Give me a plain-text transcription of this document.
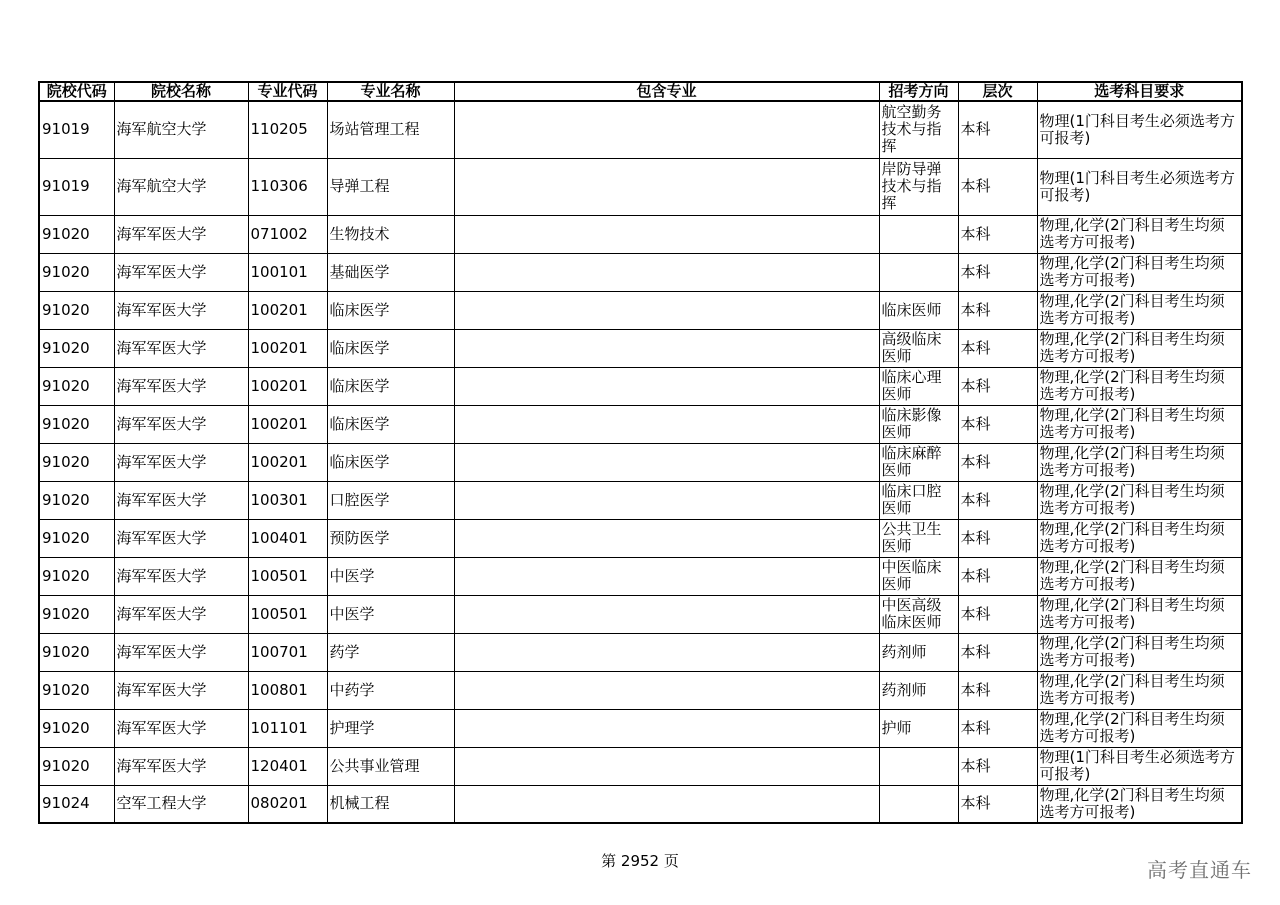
院校代码	院校名称	专业代码	专业名称	包含专业	招考方向	层次	选考科目要求
91019	海军航空大学	110205	场站管理工程		航空勤务技术与指挥	本科	物理(1门科目考生必须选考方可报考)
91019	海军航空大学	110306	导弹工程		岸防导弹技术与指挥	本科	物理(1门科目考生必须选考方可报考)
91020	海军军医大学	071002	生物技术			本科	物理,化学(2门科目考生均须选考方可报考)
91020	海军军医大学	100101	基础医学			本科	物理,化学(2门科目考生均须选考方可报考)
91020	海军军医大学	100201	临床医学		临床医师	本科	物理,化学(2门科目考生均须选考方可报考)
91020	海军军医大学	100201	临床医学		高级临床医师	本科	物理,化学(2门科目考生均须选考方可报考)
91020	海军军医大学	100201	临床医学		临床心理医师	本科	物理,化学(2门科目考生均须选考方可报考)
91020	海军军医大学	100201	临床医学		临床影像医师	本科	物理,化学(2门科目考生均须选考方可报考)
91020	海军军医大学	100201	临床医学		临床麻醉医师	本科	物理,化学(2门科目考生均须选考方可报考)
91020	海军军医大学	100301	口腔医学		临床口腔医师	本科	物理,化学(2门科目考生均须选考方可报考)
91020	海军军医大学	100401	预防医学		公共卫生医师	本科	物理,化学(2门科目考生均须选考方可报考)
91020	海军军医大学	100501	中医学		中医临床医师	本科	物理,化学(2门科目考生均须选考方可报考)
91020	海军军医大学	100501	中医学		中医高级临床医师	本科	物理,化学(2门科目考生均须选考方可报考)
91020	海军军医大学	100701	药学		药剂师	本科	物理,化学(2门科目考生均须选考方可报考)
91020	海军军医大学	100801	中药学		药剂师	本科	物理,化学(2门科目考生均须选考方可报考)
91020	海军军医大学	101101	护理学		护师	本科	物理,化学(2门科目考生均须选考方可报考)
91020	海军军医大学	120401	公共事业管理			本科	物理(1门科目考生必须选考方可报考)
91024	空军工程大学	080201	机械工程			本科	物理,化学(2门科目考生均须选考方可报考)
第 2952 页	高考直通车
